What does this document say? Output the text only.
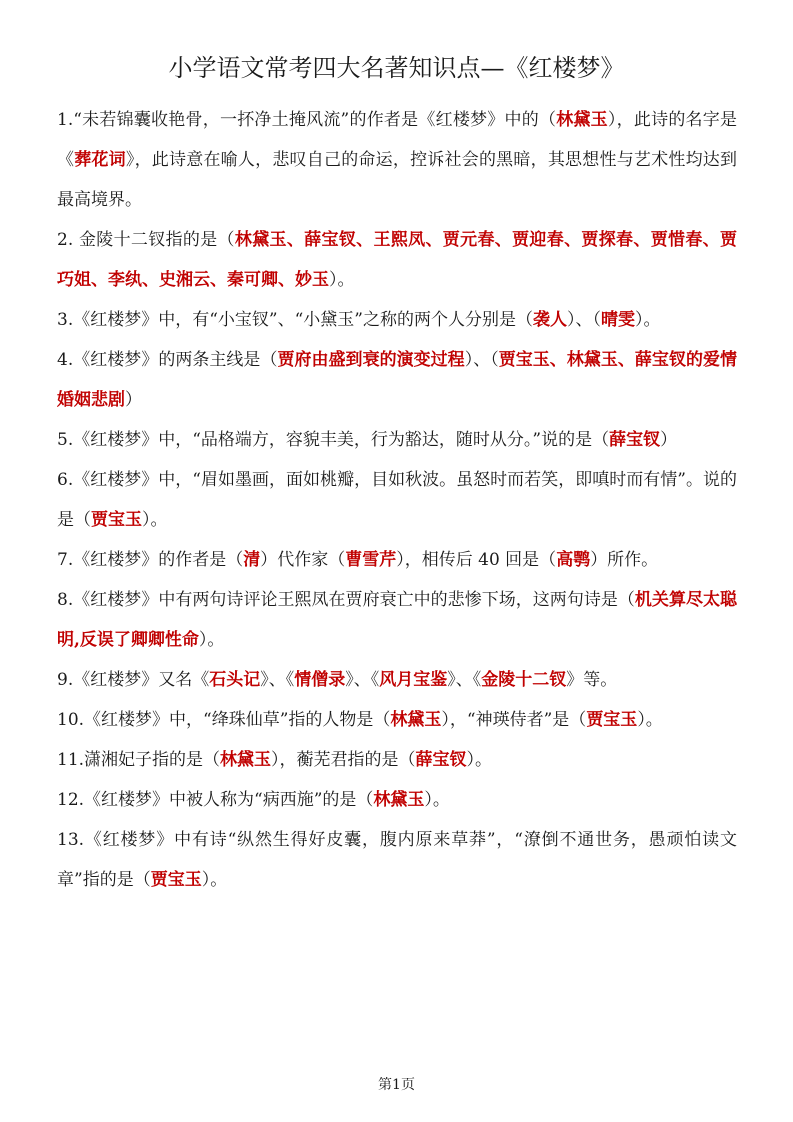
小学语文常考四大名著知识点—《红楼梦》

1.“未若锦囊收艳骨，一抔净土掩风流”的作者是《红楼梦》中的（林黛玉），此诗的名字是《葬花词》，此诗意在喻人，悲叹自己的命运，控诉社会的黑暗，其思想性与艺术性均达到最高境界。

2. 金陵十二钗指的是（林黛玉、薛宝钗、王熙凤、贾元春、贾迎春、贾探春、贾惜春、贾巧姐、李纨、史湘云、秦可卿、妙玉）。

3.《红楼梦》中，有“小宝钗”、“小黛玉”之称的两个人分别是（袭人）、（晴雯）。

4.《红楼梦》的两条主线是（贾府由盛到衰的演变过程）、（贾宝玉、林黛玉、薛宝钗的爱情婚姻悲剧）

5.《红楼梦》中，“品格端方，容貌丰美，行为豁达，随时从分。”说的是（薛宝钗）

6.《红楼梦》中，“眉如墨画，面如桃瓣，目如秋波。虽怒时而若笑，即嗔时而有情”。说的是（贾宝玉）。

7.《红楼梦》的作者是（清）代作家（曹雪芹），相传后 40 回是（高鹗）所作。

8.《红楼梦》中有两句诗评论王熙凤在贾府衰亡中的悲惨下场，这两句诗是（机关算尽太聪明,反误了卿卿性命）。

9.《红楼梦》又名《石头记》、《情僧录》、《风月宝鉴》、《金陵十二钗》等。

10.《红楼梦》中，“绛珠仙草”指的人物是（林黛玉），“神瑛侍者”是（贾宝玉）。

11.潇湘妃子指的是（林黛玉），蘅芜君指的是（薛宝钗）。

12.《红楼梦》中被人称为“病西施”的是（林黛玉）。

13.《红楼梦》中有诗“纵然生得好皮囊，腹内原来草莽”，“潦倒不通世务，愚顽怕读文章”指的是（贾宝玉）。

第1页
